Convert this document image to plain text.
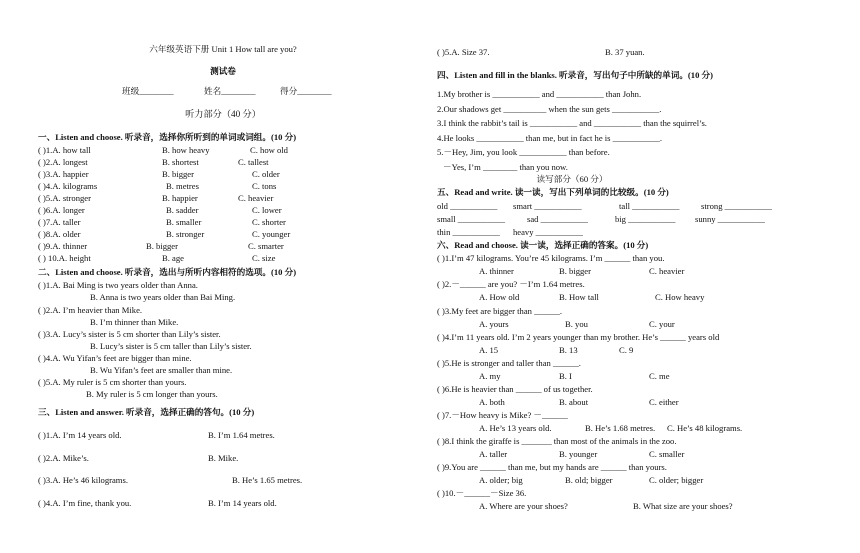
六年级英语下册 Unit 1 How tall are you?
测试卷
班级________	姓名________	得分________
听力部分（40 分）
一、Listen and choose. 听录音，选择你所听到的单词或词组。(10 分)
( )1.A. how tall	B. how heavy	C. how old
( )2.A. longest	B. shortest	C. tallest
( )3.A. happier	B. bigger	C. older
( )4.A. kilograms	B. metres	C. tons
( )5.A. stronger	B. happier	C. heavier
( )6.A. longer	B. sadder	C. lower
( )7.A. taller	B. smaller	C. shorter
( )8.A. older	B. stronger	C. younger
( )9.A. thinner	B. bigger	C. smarter
( ) 10.A. height	B. age	C. size
二、Listen and choose. 听录音，选出与所听内容相符的选项。(10 分)
( )1.A. Bai Ming is two years older than Anna.
B. Anna is two years older than Bai Ming.
( )2.A. I’m heavier than Mike.
B. I’m thinner than Mike.
( )3.A. Lucy’s sister is 5 cm shorter than Lily’s sister.
B. Lucy’s sister is 5 cm taller than Lily’s sister.
( )4.A. Wu Yifan’s feet are bigger than mine.
B. Wu Yifan’s feet are smaller than mine.
( )5.A. My ruler is 5 cm shorter than yours.
B. My ruler is 5 cm longer than yours.
三、Listen and answer. 听录音，选择正确的答句。(10 分)
( )1.A. I’m 14 years old.	B. I’m 1.64 metres.
( )2.A. Mike’s.	B. Mike.
( )3.A. He’s 46 kilograms.	B. He’s 1.65 metres.
( )4.A. I’m fine, thank you.	B. I’m 14 years old.
( )5.A. Size 37.	B. 37 yuan.
四、Listen and fill in the blanks. 听录音，写出句子中所缺的单词。(10 分)
1.My brother is ___________ and ___________ than John.
2.Our shadows get __________ when the sun gets ___________.
3.I think the rabbit’s tail is ___________ and ___________ than the squirrel’s.
4.He looks ___________ than me, but in fact he is ___________.
5.－Hey, Jim, you look ___________ than before.
－Yes, I’m ________ than you now.
读写部分（60 分）
五、Read and write. 读一读，写出下列单词的比较级。(10 分)
old ___________ smart ___________	tall ___________	strong ___________
small ___________	sad ___________	big ___________ sunny ___________
thin ___________ heavy ___________
六、Read and choose. 读一读，选择正确的答案。(10 分)
( )1.I’m 47 kilograms. You’re 45 kilograms. I’m ______ than you.
A. thinner	B. bigger	C. heavier
( )2.－______ are you? －I’m 1.64 metres.
A. How old	B. How tall	C. How heavy
( )3.My feet are bigger than ______.
A. yours	B. you	C. your
( )4.I’m 11 years old. I’m 2 years younger than my brother. He’s ______ years old
A. 15	B. 13	C. 9
( )5.He is stronger and taller than ______.
A. my	B. I	C. me
( )6.He is heavier than ______ of us together.
A. both	B. about	C. either
( )7.－How heavy is Mike? －______
A. He’s 13 years old.	B. He’s 1.68 metres. C. He’s 48 kilograms.
( )8.I think the giraffe is _______ than most of the animals in the zoo.
A. taller	B. younger	C. smaller
( )9.You are ______ than me, but my hands are ______ than yours.
A. older; big	B. old; bigger	C. older; bigger
( )10.－______－Size 36.
A. Where are your shoes?	B. What size are your shoes?
